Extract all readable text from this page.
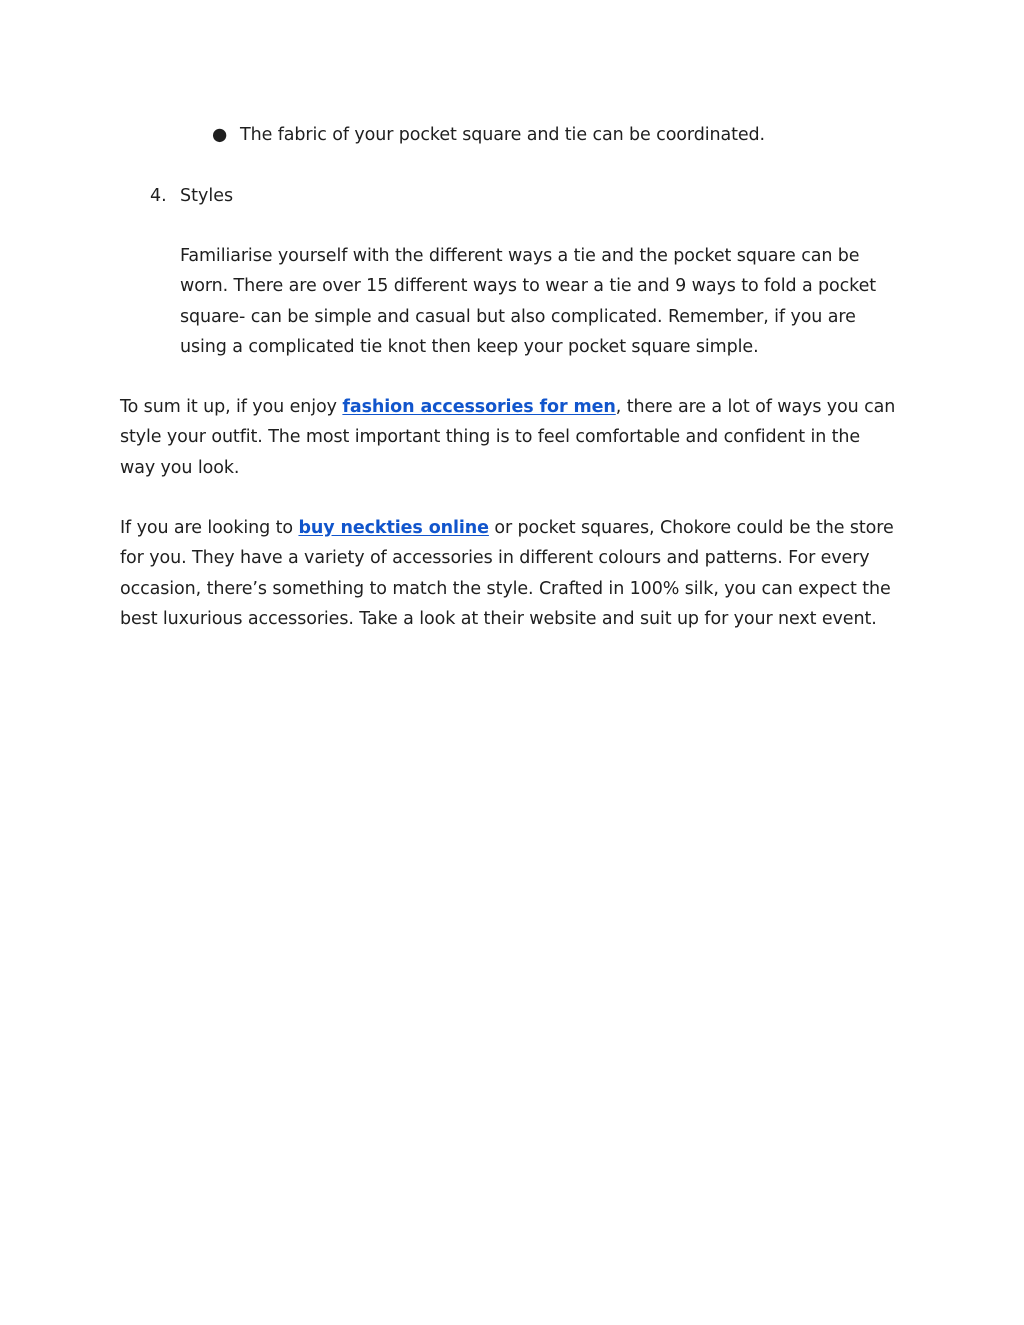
● The fabric of your pocket square and tie can be coordinated.
4. Styles
Familiarise yourself with the different ways a tie and the pocket square can be
worn. There are over 15 different ways to wear a tie and 9 ways to fold a pocket
square- can be simple and casual but also complicated. Remember, if you are
using a complicated tie knot then keep your pocket square simple.
To sum it up, if you enjoy fashion accessories for men, there are a lot of ways you can
style your outfit. The most important thing is to feel comfortable and confident in the
way you look.
If you are looking to buy neckties online or pocket squares, Chokore could be the store
for you. They have a variety of accessories in different colours and patterns. For every
occasion, there’s something to match the style. Crafted in 100% silk, you can expect the
best luxurious accessories. Take a look at their website and suit up for your next event.
